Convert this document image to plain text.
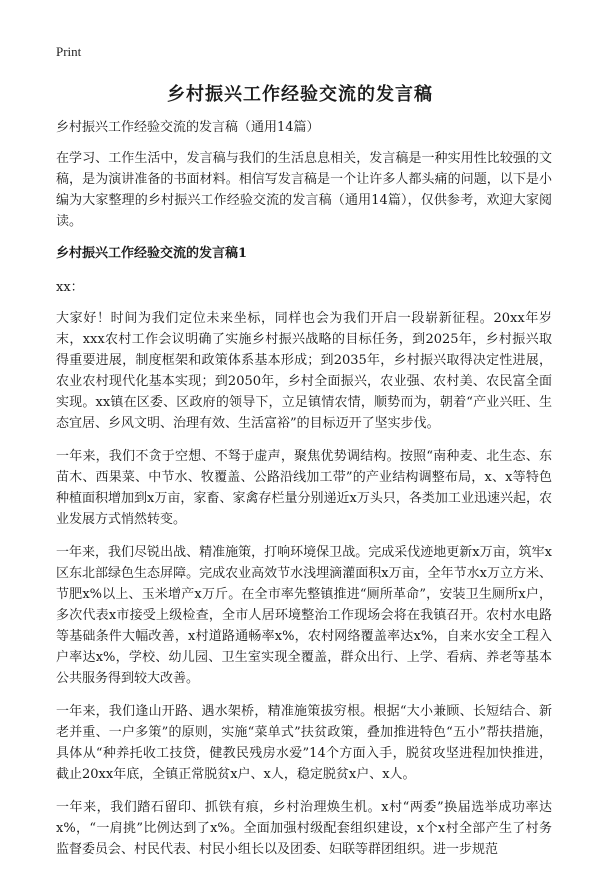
Print
乡村振兴工作经验交流的发言稿
乡村振兴工作经验交流的发言稿（通用14篇）

在学习、工作生活中，发言稿与我们的生活息息相关，发言稿是一种实用性比较强的文稿，是为演讲准备的书面材料。相信写发言稿是一个让许多人都头痛的问题，以下是小编为大家整理的乡村振兴工作经验交流的发言稿（通用14篇），仅供参考，欢迎大家阅读。

乡村振兴工作经验交流的发言稿1
xx：

大家好！时间为我们定位未来坐标，同样也会为我们开启一段崭新征程。20xx年岁末，xxx农村工作会议明确了实施乡村振兴战略的目标任务，到2025年，乡村振兴取得重要进展，制度框架和政策体系基本形成；到2035年，乡村振兴取得决定性进展，农业农村现代化基本实现；到2050年，乡村全面振兴，农业强、农村美、农民富全面实现。xx镇在区委、区政府的领导下，立足镇情农情，顺势而为，朝着“产业兴旺、生态宜居、乡风文明、治理有效、生活富裕”的目标迈开了坚实步伐。

一年来，我们不贪于空想、不驽于虚声，聚焦优势调结构。按照“南种麦、北生态、东苗木、西果菜、中节水、牧覆盖、公路沿线加工带”的产业结构调整布局，x、x等特色种植面积增加到x万亩，家畜、家禽存栏量分别递近x万头只，各类加工业迅速兴起，农业发展方式悄然转变。

一年来，我们尽锐出战、精准施策，打响环境保卫战。完成采伐迹地更新x万亩，筑牢x区东北部绿色生态屏障。完成农业高效节水浅埋滴灌面积x万亩，全年节水x万立方米、节肥x%以上、玉米增产x万斤。在全市率先整镇推进“厕所革命”，安装卫生厕所x户，多次代表x市接受上级检查，全市人居环境整治工作现场会将在我镇召开。农村水电路等基础条件大幅改善，x村道路通畅率x%，农村网络覆盖率达x%，自来水安全工程入户率达x%，学校、幼儿园、卫生室实现全覆盖，群众出行、上学、看病、养老等基本公共服务得到较大改善。

一年来，我们逢山开路、遇水架桥，精准施策拔穷根。根据“大小兼顾、长短结合、新老并重、一户多策”的原则，实施“菜单式”扶贫政策，叠加推进特色“五小”帮扶措施，具体从“种养托收工技贷，健教民残房水爱”14个方面入手，脱贫攻坚进程加快推进，截止20xx年底，全镇正常脱贫x户、x人，稳定脱贫x户、x人。

一年来，我们踏石留印、抓铁有痕，乡村治理焕生机。x村“两委”换届选举成功率达x%，“一肩挑”比例达到了x%。全面加强村级配套组织建设，x个x村全部产生了村务监督委员会、村民代表、村民小组长以及团委、妇联等群团组织。进一步规范
